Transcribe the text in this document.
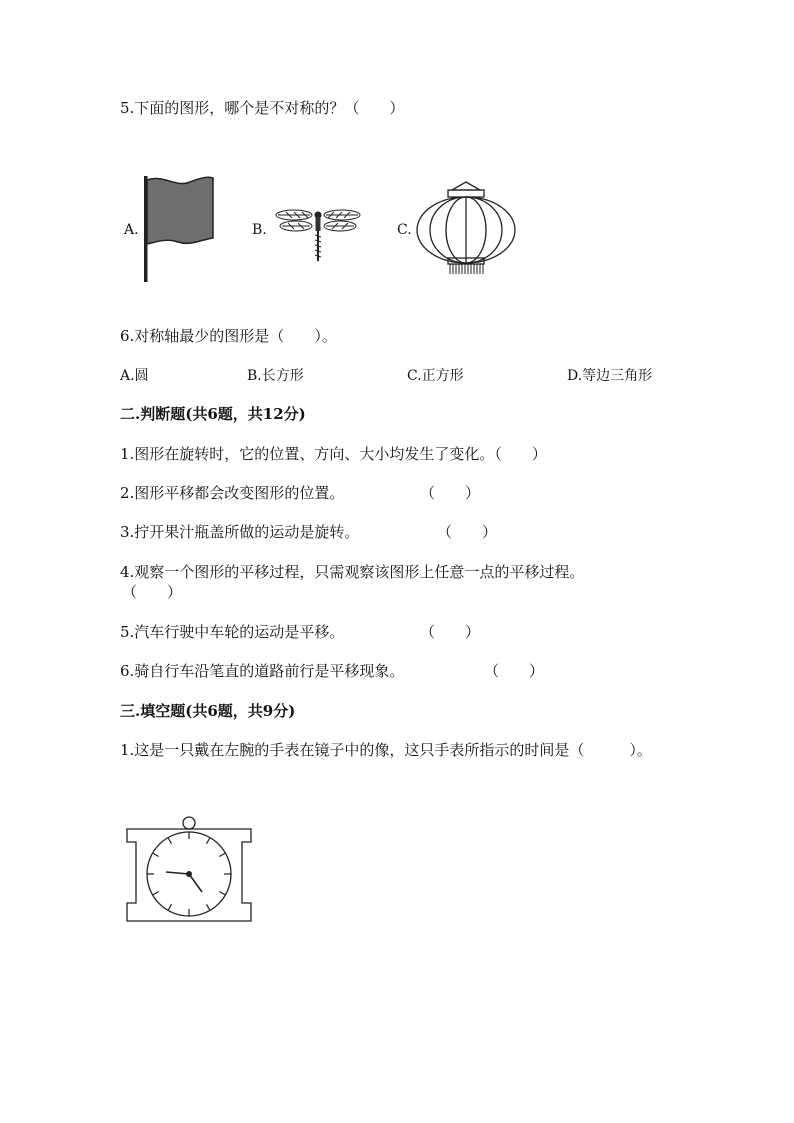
5.下面的图形，哪个是不对称的？（　　）
A.	B.	C.
6.对称轴最少的图形是（　　）。
A.圆	B.长方形	C.正方形	D.等边三角形
二.判断题(共6题，共12分)
1.图形在旋转时，它的位置、方向、大小均发生了变化。（　　）
2.图形平移都会改变图形的位置。	（　　）
3.拧开果汁瓶盖所做的运动是旋转。	（　　）
4.观察一个图形的平移过程，只需观察该图形上任意一点的平移过程。
（　　）
5.汽车行驶中车轮的运动是平移。	（　　）
6.骑自行车沿笔直的道路前行是平移现象。	（　　）
三.填空题(共6题，共9分)
1.这是一只戴在左腕的手表在镜子中的像，这只手表所指示的时间是（　　　）。
